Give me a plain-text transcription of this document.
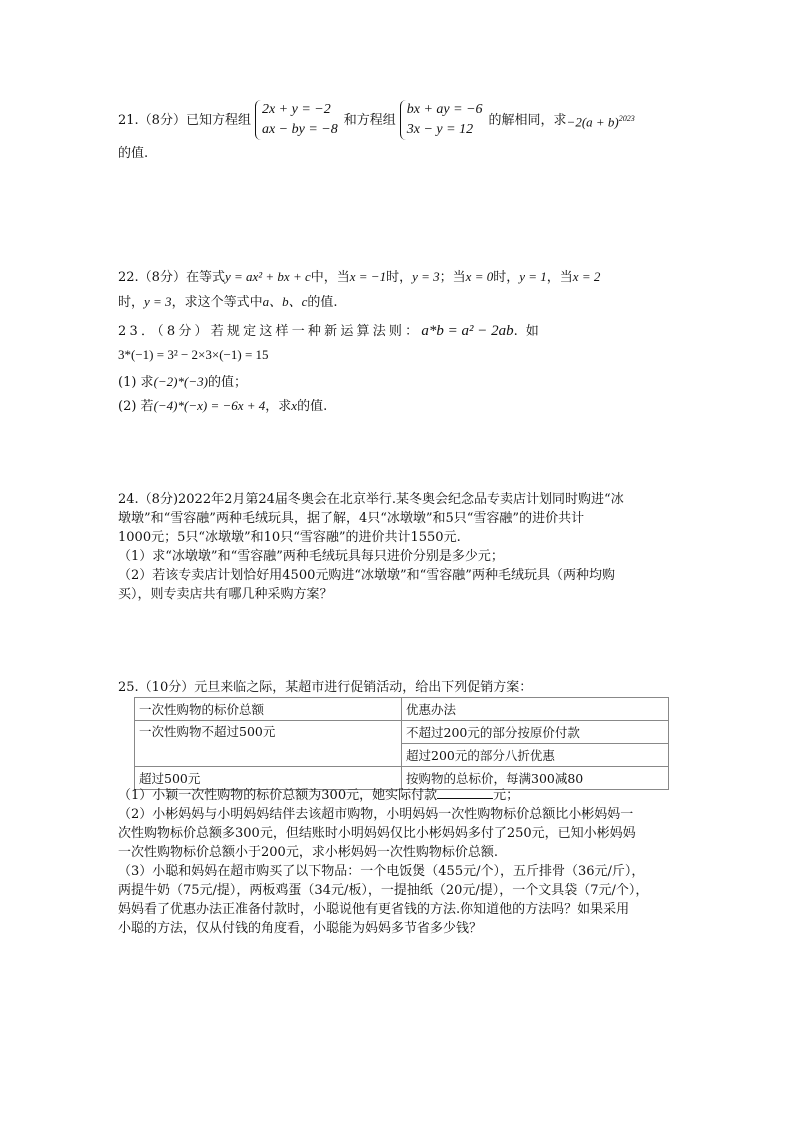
21.（8分）已知方程组
2x + y = −2
ax − by = −8
和方程组
bx + ay = −6
3x − y = 12
的解相同，求 $-2(a + b)^{2023}$
的值.
22.（8分）在等式y = ax² + bx + c中，当x = −1时，y = 3；当x = 0时，y = 1，当x = 2
时，y = 3，求这个等式中a、b、c的值.
23．（8分）若规定这样一种新运算法则：a*b = a² − 2ab.如
3*(−1) = 3² − 2×3×(−1) = 15
(1) 求(−2)*(−3)的值；
(2) 若(−4)*(−x) = −6x + 4，求x的值.
24.（8分)2022年2月第24届冬奥会在北京举行.某冬奥会纪念品专卖店计划同时购进“冰
墩墩”和“雪容融”两种毛绒玩具，据了解，4只“冰墩墩”和5只“雪容融”的进价共计
1000元；5只“冰墩墩”和10只“雪容融”的进价共计1550元.
（1）求“冰墩墩”和“雪容融”两种毛绒玩具每只进价分别是多少元；
（2）若该专卖店计划恰好用4500元购进“冰墩墩”和“雪容融”两种毛绒玩具（两种均购
买），则专卖店共有哪几种采购方案？
25.（10分）元旦来临之际，某超市进行促销活动，给出下列促销方案：
一次性购物的标价总额	优惠办法
一次性购物不超过500元	不超过200元的部分按原价付款
	超过200元的部分八折优惠
超过500元	按购物的总标价，每满300减80
（1）小颖一次性购物的标价总额为300元，她实际付款	元；
（2）小彬妈妈与小明妈妈结伴去该超市购物，小明妈妈一次性购物标价总额比小彬妈妈一
次性购物标价总额多300元，但结账时小明妈妈仅比小彬妈妈多付了250元，已知小彬妈妈
一次性购物标价总额小于200元，求小彬妈妈一次性购物标价总额.
（3）小聪和妈妈在超市购买了以下物品：一个电饭煲（455元/个），五斤排骨（36元/斤），
两提牛奶（75元/提），两板鸡蛋（34元/板），一提抽纸（20元/提），一个文具袋（7元/个），
妈妈看了优惠办法正准备付款时，小聪说他有更省钱的方法.你知道他的方法吗？如果采用
小聪的方法，仅从付钱的角度看，小聪能为妈妈多节省多少钱？
